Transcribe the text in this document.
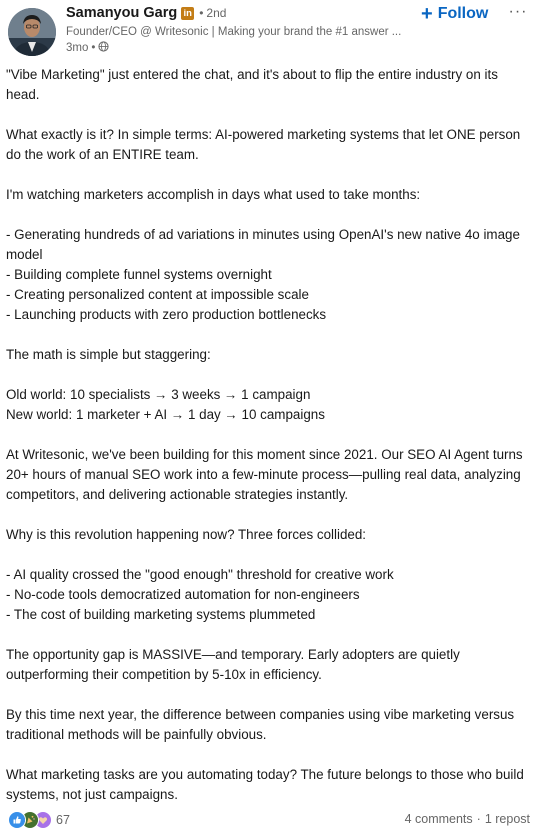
Samanyou Garg in • 2nd
Founder/CEO @ Writesonic | Making your brand the #1 answer ...
3mo •
+ Follow ···
"Vibe Marketing" just entered the chat, and it's about to flip the entire industry on its head.
What exactly is it? In simple terms: AI-powered marketing systems that let ONE person do the work of an ENTIRE team.
I'm watching marketers accomplish in days what used to take months:
- Generating hundreds of ad variations in minutes using OpenAI's new native 4o image model
- Building complete funnel systems overnight
- Creating personalized content at impossible scale
- Launching products with zero production bottlenecks
The math is simple but staggering:
Old world: 10 specialists → 3 weeks → 1 campaign
New world: 1 marketer + AI → 1 day → 10 campaigns
At Writesonic, we've been building for this moment since 2021. Our SEO AI Agent turns 20+ hours of manual SEO work into a few-minute process—pulling real data, analyzing competitors, and delivering actionable strategies instantly.
Why is this revolution happening now? Three forces collided:
- AI quality crossed the "good enough" threshold for creative work
- No-code tools democratized automation for non-engineers
- The cost of building marketing systems plummeted
The opportunity gap is MASSIVE—and temporary. Early adopters are quietly outperforming their competition by 5-10x in efficiency.
By this time next year, the difference between companies using vibe marketing versus traditional methods will be painfully obvious.
What marketing tasks are you automating today? The future belongs to those who build systems, not just campaigns.
67	4 comments · 1 repost
